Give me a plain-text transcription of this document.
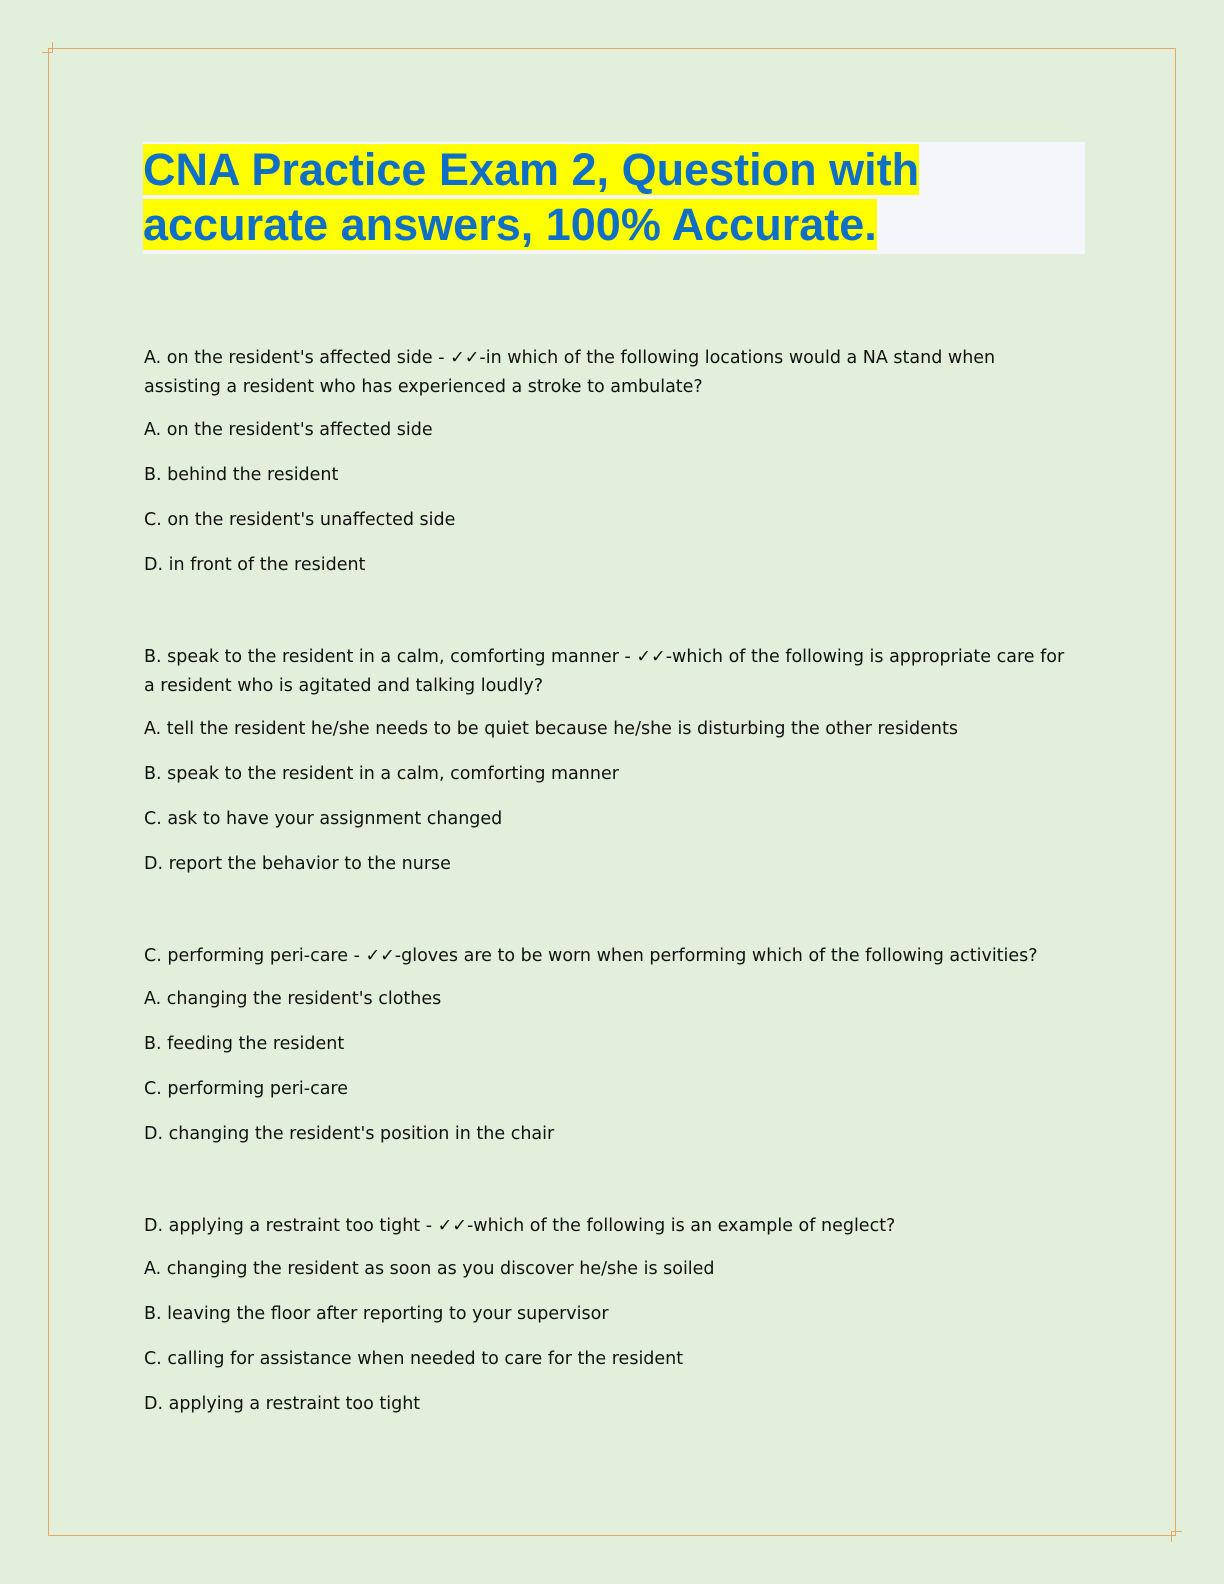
CNA Practice Exam 2, Question with accurate answers, 100% Accurate.

A. on the resident's affected side - ✓✓-in which of the following locations would a NA stand when assisting a resident who has experienced a stroke to ambulate?

A. on the resident's affected side

B. behind the resident

C. on the resident's unaffected side

D. in front of the resident

B. speak to the resident in a calm, comforting manner - ✓✓-which of the following is appropriate care for a resident who is agitated and talking loudly?

A. tell the resident he/she needs to be quiet because he/she is disturbing the other residents

B. speak to the resident in a calm, comforting manner

C. ask to have your assignment changed

D. report the behavior to the nurse

C. performing peri-care - ✓✓-gloves are to be worn when performing which of the following activities?

A. changing the resident's clothes

B. feeding the resident

C. performing peri-care

D. changing the resident's position in the chair

D. applying a restraint too tight - ✓✓-which of the following is an example of neglect?

A. changing the resident as soon as you discover he/she is soiled

B. leaving the floor after reporting to your supervisor

C. calling for assistance when needed to care for the resident

D. applying a restraint too tight
